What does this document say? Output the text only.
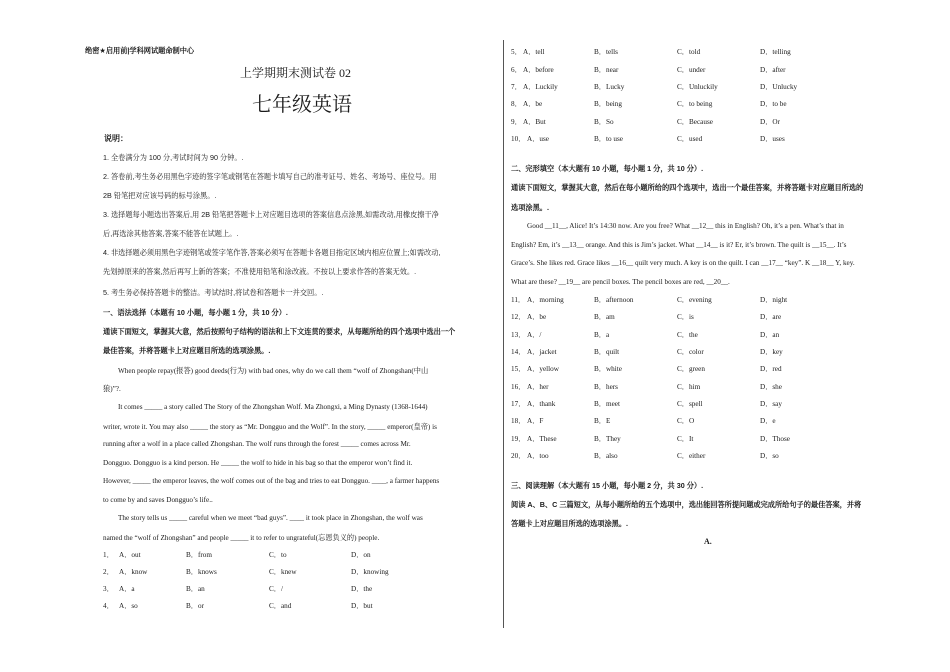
绝密★启用前|学科网试题命制中心
上学期期末测试卷 02
七年级英语
说明：
1. 全卷满分为 100 分,考试时间为 90 分钟。.
2. 答卷前,考生务必用黑色字迹的签字笔或钢笔在答题卡填写自己的准考证号、姓名、考场号、座位号。用
2B 铅笔把对应该号码的标号涂黑。.
3. 选择题每小题选出答案后,用 2B 铅笔把答题卡上对应题目选项的答案信息点涂黑,如需改动,用橡皮擦干净
后,再选涂其他答案,答案不能答在试题上。.
4. 非选择题必须用黑色字迹钢笔或签字笔作答,答案必须写在答题卡各题目指定区域内相应位置上;如需改动,
先划掉原来的答案,然后再写上新的答案；不准使用铅笔和涂改液。不按以上要求作答的答案无效。.
5. 考生务必保持答题卡的整洁。考试结时,将试卷和答题卡一并交回。.
一、语法选择（本题有 10 小题，每小题 1 分，共 10 分）.
通读下面短文，掌握其大意，然后按照句子结构的语法和上下文连贯的要求，从每题所给的四个选项中选出一个
最佳答案，并将答题卡上对应题目所选的选项涂黑。.
When people repay(报答) good deeds(行为) with bad ones, why do we call them “wolf of Zhongshan(中山
狼)”?.
It comes _____ a story called The Story of the Zhongshan Wolf. Ma Zhongxi, a Ming Dynasty (1368-1644)
writer, wrote it. You may also _____ the story as “Mr. Dongguo and the Wolf”. In the story, _____ emperor(皇帝) is
running after a wolf in a place called Zhongshan. The wolf runs through the forest _____ comes across Mr.
Dongguo. Dongguo is a kind person. He _____ the wolf to hide in his bag so that the emperor won’t find it.
However, _____ the emperor leaves, the wolf comes out of the bag and tries to eat Dongguo. ____, a farmer happens
to come by and saves Dongguo’s life..
The story tells us _____ careful when we meet “bad guys”. ____ it took place in Zhongshan, the wolf was
named the “wolf of Zhongshan” and people _____ it to refer to ungrateful(忘恩负义的) people.
1． A．out	B．from	C．to	D．on
2． A．know	B．knows	C．knew	D．knowing
3． A．a	B．an	C．/	D．the
4． A．so	B．or	C．and	D．but
5． A．tell	B．tells	C．told	D．telling
6． A．before	B．near	C．under	D．after
7． A．Luckily	B．Lucky	C．Unluckily	D．Unlucky
8． A．be	B．being	C．to being	D．to be
9． A．But	B．So	C．Because	D．Or
10． A．use	B．to use	C．used	D．uses
二、完形填空（本大题有 10 小题，每小题 1 分，共 10 分）.
通读下面短文，掌握其大意，然后在每小题所给的四个选项中，选出一个最佳答案，并将答题卡对应题目所选的
选项涂黑。.
Good __11__, Alice! It’s 14:30 now. Are you free? What __12__ this in English? Oh, it’s a pen. What’s that in
English? Em, it’s __13__ orange. And this is Jim’s jacket. What __14__ is it? Er, it’s brown. The quilt is __15__. It’s
Grace’s. She likes red. Grace likes __16__ quilt very much. A key is on the quilt. I can __17__ “key”. K __18__ Y, key.
What are these? __19__ are pencil boxes. The pencil boxes are red, __20__.
11． A．morning	B．afternoon	C．evening	D．night
12． A．be	B．am	C．is	D．are
13． A．/	B．a	C．the	D．an
14． A．jacket	B．quilt	C．color	D．key
15． A．yellow	B．white	C．green	D．red
16． A．her	B．hers	C．him	D．she
17． A．thank	B．meet	C．spell	D．say
18． A．F	B．E	C．O	D．e
19． A．These	B．They	C．It	D．Those
20． A．too	B．also	C．either	D．so
三、阅读理解（本大题有 15 小题，每小题 2 分，共 30 分）.
阅读 A、B、C 三篇短文，从每小题所给的五个选项中，选出能回答所提问题或完成所给句子的最佳答案，并将
答题卡上对应题目所选的选项涂黑。.
A.
